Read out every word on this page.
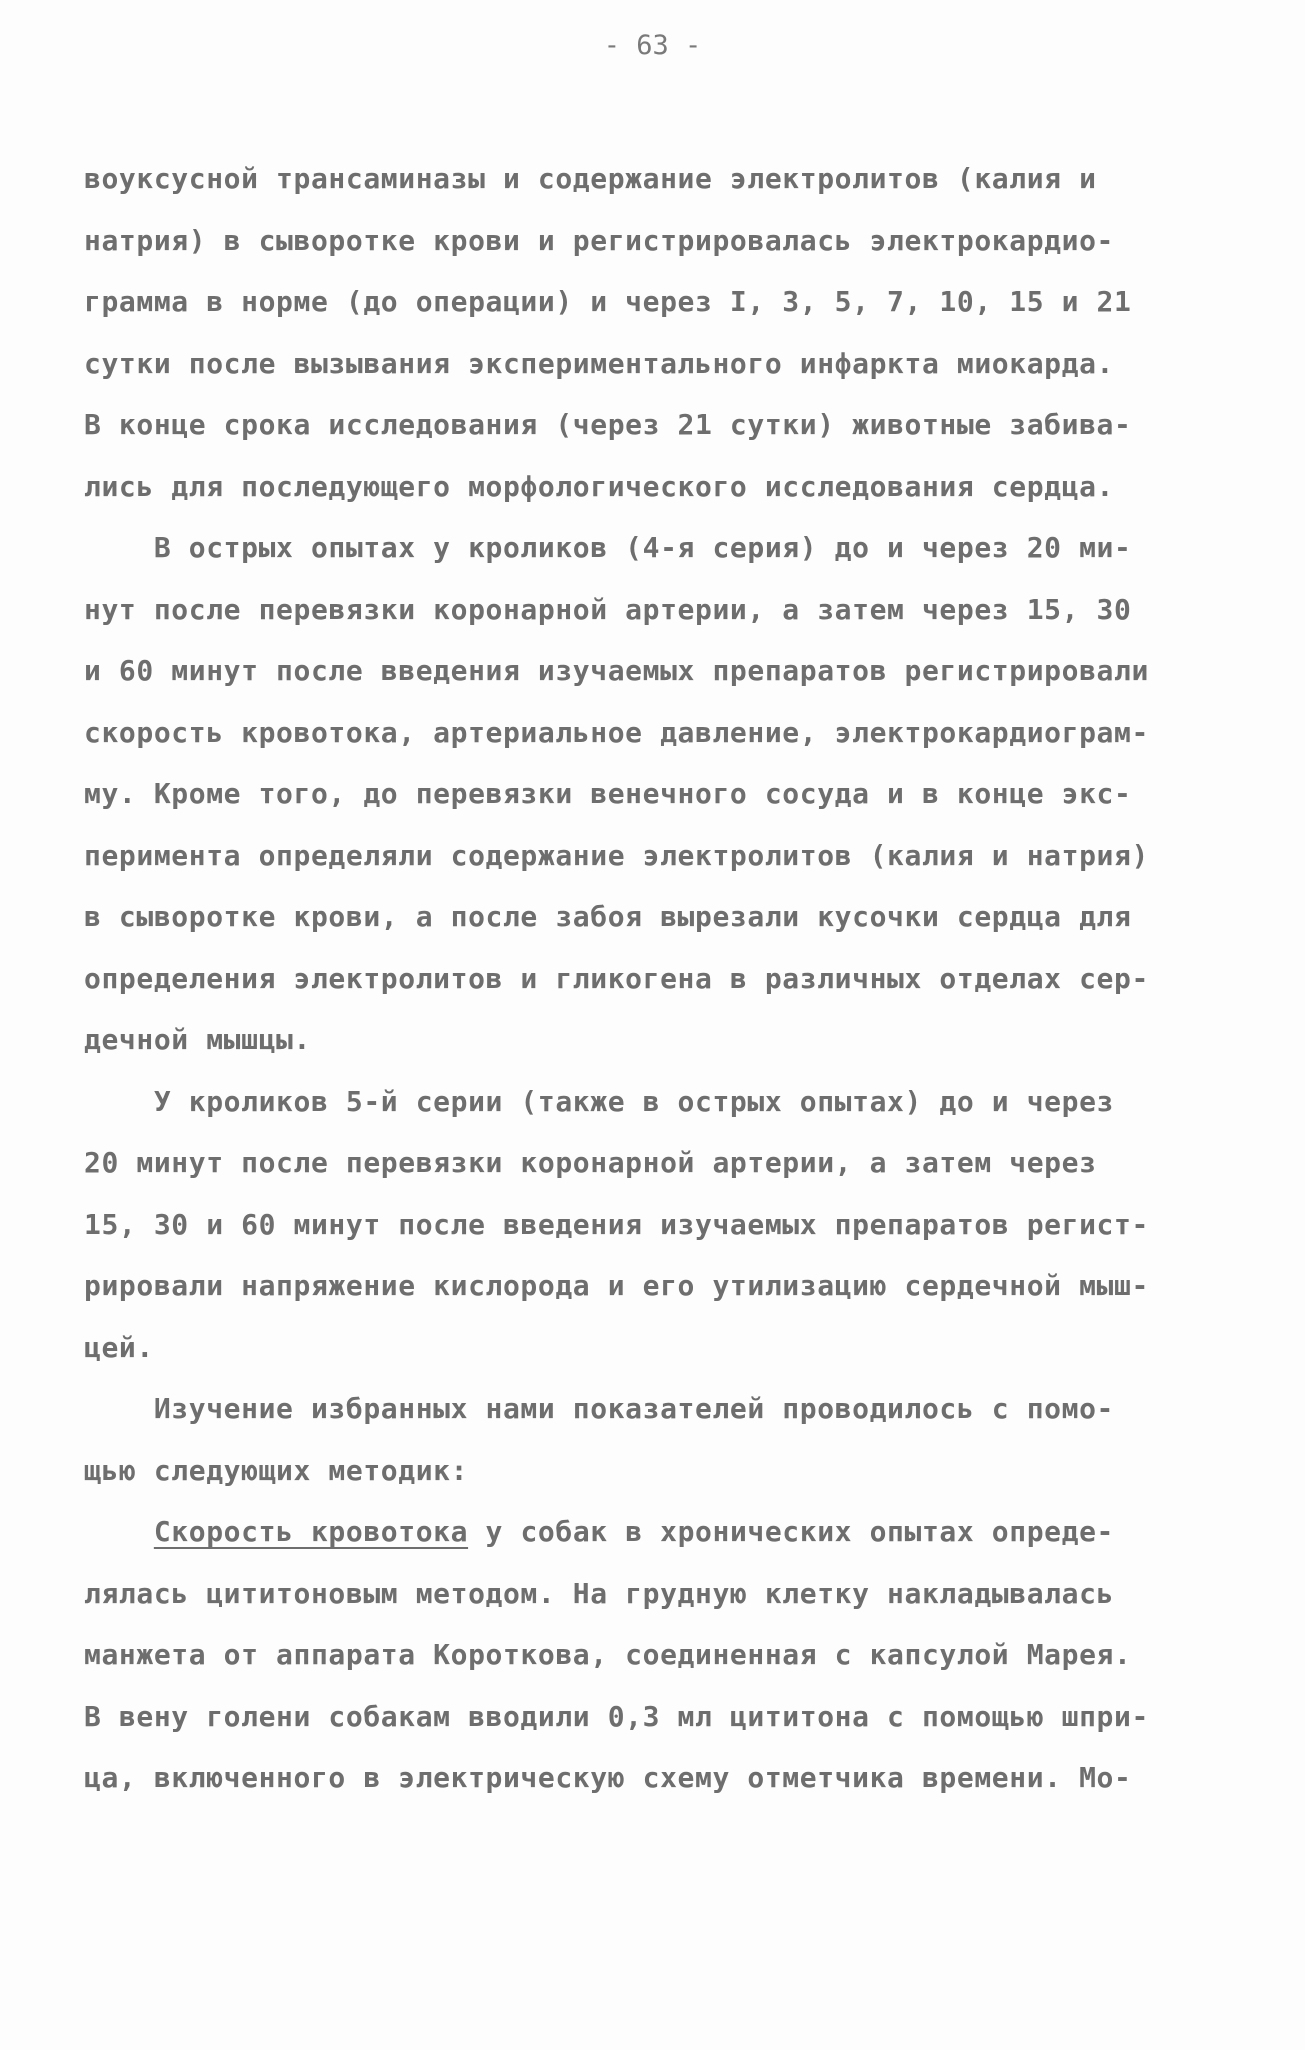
- 63 -

воуксусной трансаминазы и содержание электролитов (калия и

натрия) в сыворотке крови и регистрировалась электрокардио-

грамма в норме (до операции) и через I, 3, 5, 7, 10, 15 и 21

сутки после вызывания экспериментального инфаркта миокарда.

В конце срока исследования (через 21 сутки) животные забива-

лись для последующего морфологического исследования сердца.

В острых опытах у кроликов (4-я серия) до и через 20 ми-

нут после перевязки коронарной артерии, а затем через 15, 30

и 60 минут после введения изучаемых препаратов регистрировали

скорость кровотока, артериальное давление, электрокардиограм-

му. Кроме того, до перевязки венечного сосуда и в конце экс-

перимента определяли содержание электролитов (калия и натрия)

в сыворотке крови, а после забоя вырезали кусочки сердца для

определения электролитов и гликогена в различных отделах сер-

дечной мышцы.

У кроликов 5-й серии (также в острых опытах) до и через

20 минут после перевязки коронарной артерии, а затем через

15, 30 и 60 минут после введения изучаемых препаратов регист-

рировали напряжение кислорода и его утилизацию сердечной мыш-

цей.

Изучение избранных нами показателей проводилось с помо-

щью следующих методик:

Скорость кровотока у собак в хронических опытах опреде-

лялась цититоновым методом. На грудную клетку накладывалась

манжета от аппарата Короткова, соединенная с капсулой Марея.

В вену голени собакам вводили 0,3 мл цититона с помощью шпри-

ца, включенного в электрическую схему отметчика времени. Мо-
